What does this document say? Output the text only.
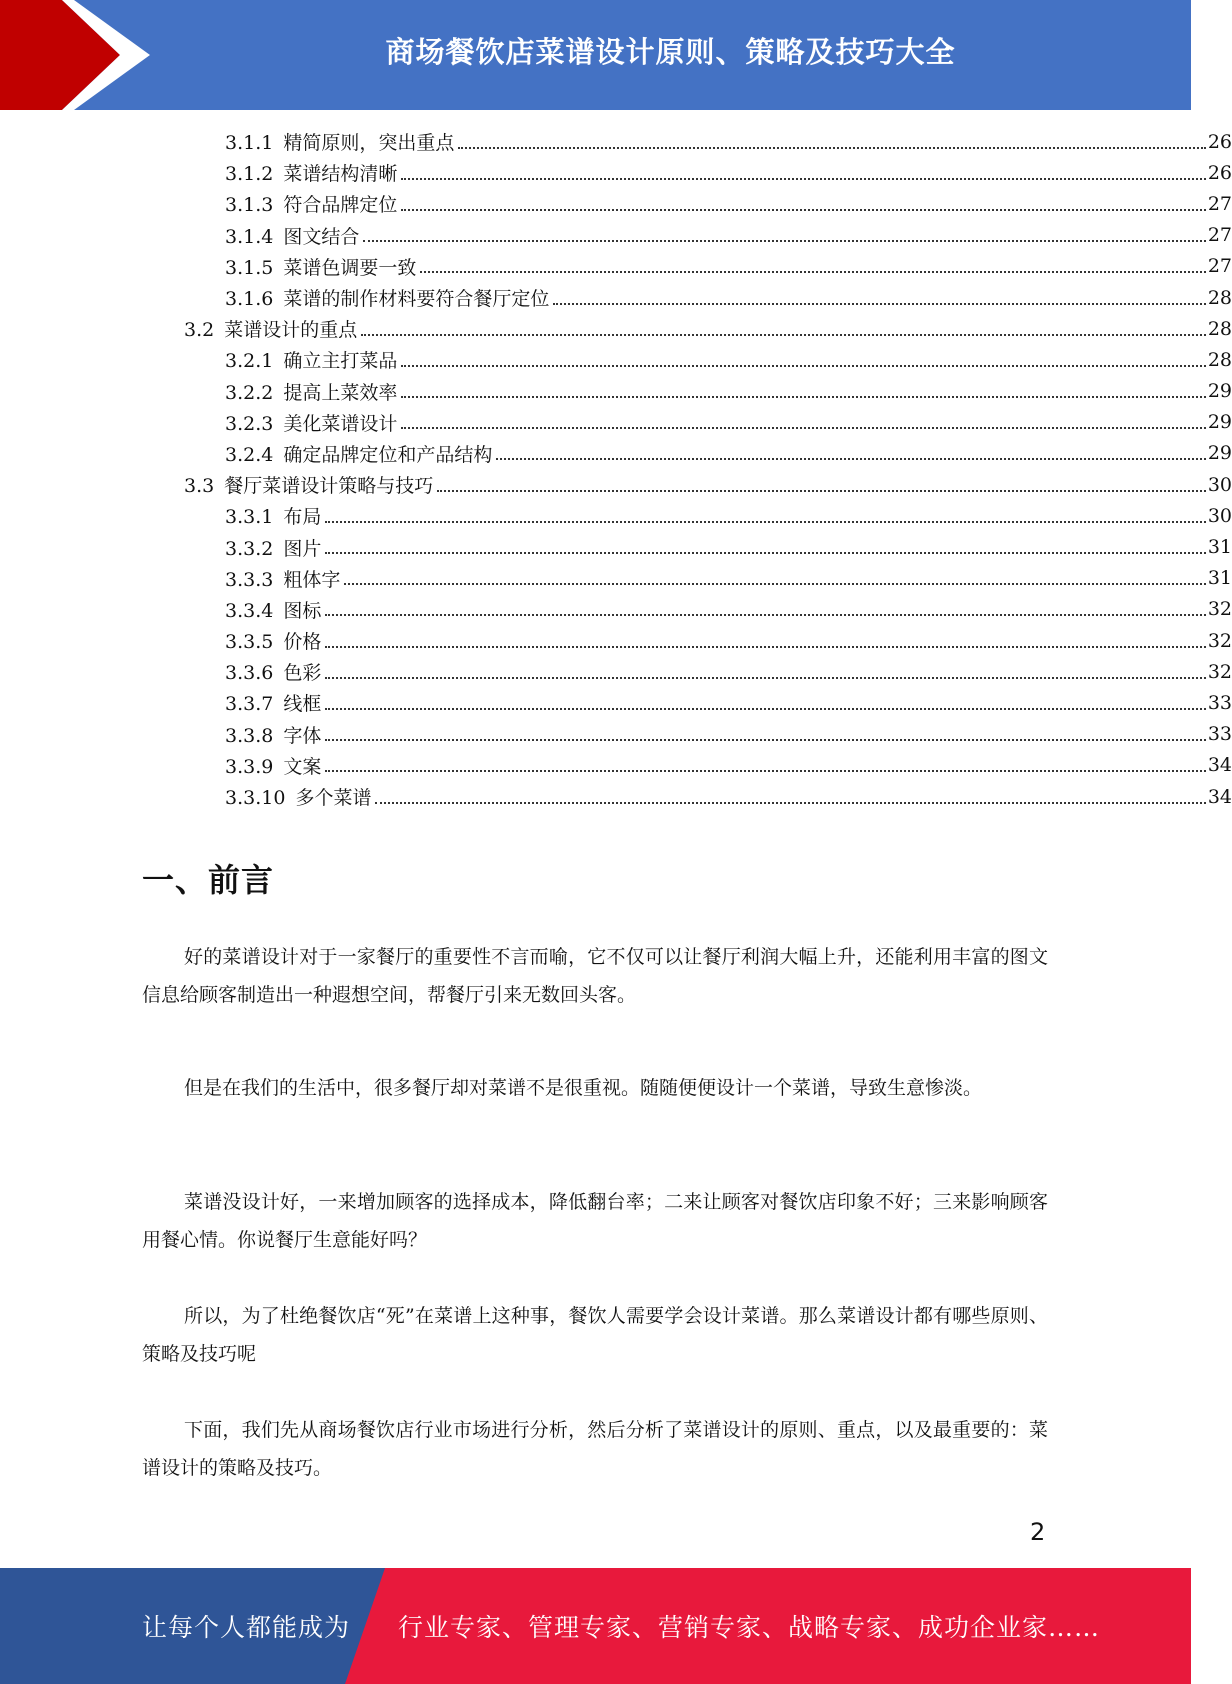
商场餐饮店菜谱设计原则、策略及技巧大全
3.1.1 精简原则，突出重点	26
3.1.2 菜谱结构清晰	26
3.1.3 符合品牌定位	27
3.1.4 图文结合	27
3.1.5 菜谱色调要一致	27
3.1.6 菜谱的制作材料要符合餐厅定位	28
3.2 菜谱设计的重点	28
3.2.1 确立主打菜品	28
3.2.2 提高上菜效率	29
3.2.3 美化菜谱设计	29
3.2.4 确定品牌定位和产品结构	29
3.3 餐厅菜谱设计策略与技巧	30
3.3.1 布局	30
3.3.2 图片	31
3.3.3 粗体字	31
3.3.4 图标	32
3.3.5 价格	32
3.3.6 色彩	32
3.3.7 线框	33
3.3.8 字体	33
3.3.9 文案	34
3.3.10 多个菜谱	34
一、前言

好的菜谱设计对于一家餐厅的重要性不言而喻，它不仅可以让餐厅利润大幅上升，还能利用丰富的图文信息给顾客制造出一种遐想空间，帮餐厅引来无数回头客。

但是在我们的生活中，很多餐厅却对菜谱不是很重视。随随便便设计一个菜谱，导致生意惨淡。

菜谱没设计好，一来增加顾客的选择成本，降低翻台率；二来让顾客对餐饮店印象不好；三来影响顾客用餐心情。你说餐厅生意能好吗？

所以，为了杜绝餐饮店“死”在菜谱上这种事，餐饮人需要学会设计菜谱。那么菜谱设计都有哪些原则、策略及技巧呢

下面，我们先从商场餐饮店行业市场进行分析，然后分析了菜谱设计的原则、重点，以及最重要的：菜谱设计的策略及技巧。

2
让每个人都能成为 行业专家、管理专家、营销专家、战略专家、成功企业家……
